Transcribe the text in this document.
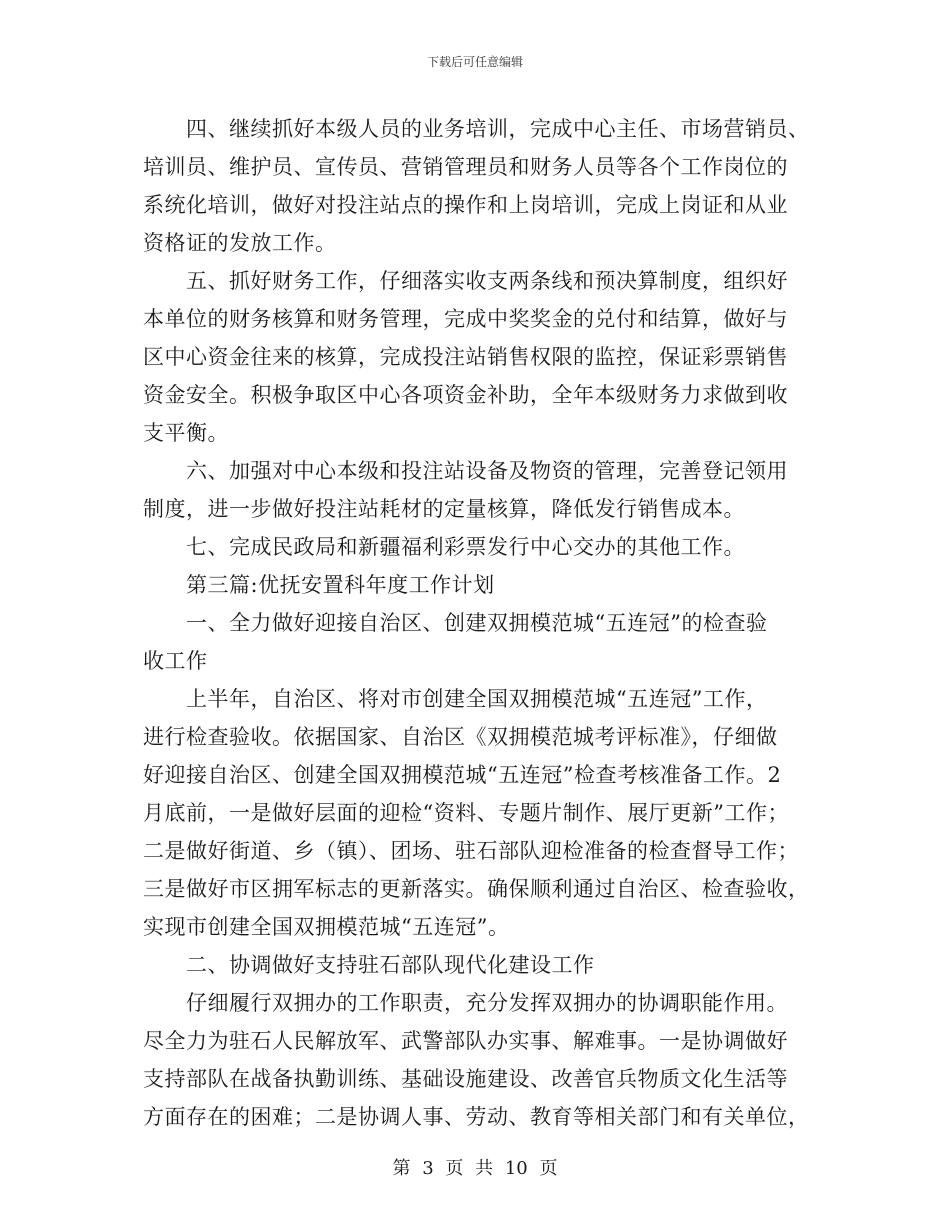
下载后可任意编辑
　　四、继续抓好本级人员的业务培训，完成中心主任、市场营销员、
培训员、维护员、宣传员、营销管理员和财务人员等各个工作岗位的
系统化培训，做好对投注站点的操作和上岗培训，完成上岗证和从业
资格证的发放工作。
　　五、抓好财务工作，仔细落实收支两条线和预决算制度，组织好
本单位的财务核算和财务管理，完成中奖奖金的兑付和结算，做好与
区中心资金往来的核算，完成投注站销售权限的监控，保证彩票销售
资金安全。积极争取区中心各项资金补助，全年本级财务力求做到收
支平衡。
　　六、加强对中心本级和投注站设备及物资的管理，完善登记领用
制度，进一步做好投注站耗材的定量核算，降低发行销售成本。
　　七、完成民政局和新疆福利彩票发行中心交办的其他工作。
　　第三篇:优抚安置科年度工作计划
　　一、全力做好迎接自治区、创建双拥模范城“五连冠”的检查验
收工作
　　上半年，自治区、将对市创建全国双拥模范城“五连冠”工作，
进行检查验收。依据国家、自治区《双拥模范城考评标准》，仔细做
好迎接自治区、创建全国双拥模范城“五连冠”检查考核准备工作。2
月底前，一是做好层面的迎检“资料、专题片制作、展厅更新”工作；
二是做好街道、乡（镇）、团场、驻石部队迎检准备的检查督导工作；
三是做好市区拥军标志的更新落实。确保顺利通过自治区、检查验收，
实现市创建全国双拥模范城“五连冠”。
　　二、协调做好支持驻石部队现代化建设工作
　　仔细履行双拥办的工作职责，充分发挥双拥办的协调职能作用。
尽全力为驻石人民解放军、武警部队办实事、解难事。一是协调做好
支持部队在战备执勤训练、基础设施建设、改善官兵物质文化生活等
方面存在的困难；二是协调人事、劳动、教育等相关部门和有关单位，
第 3 页 共 10 页
